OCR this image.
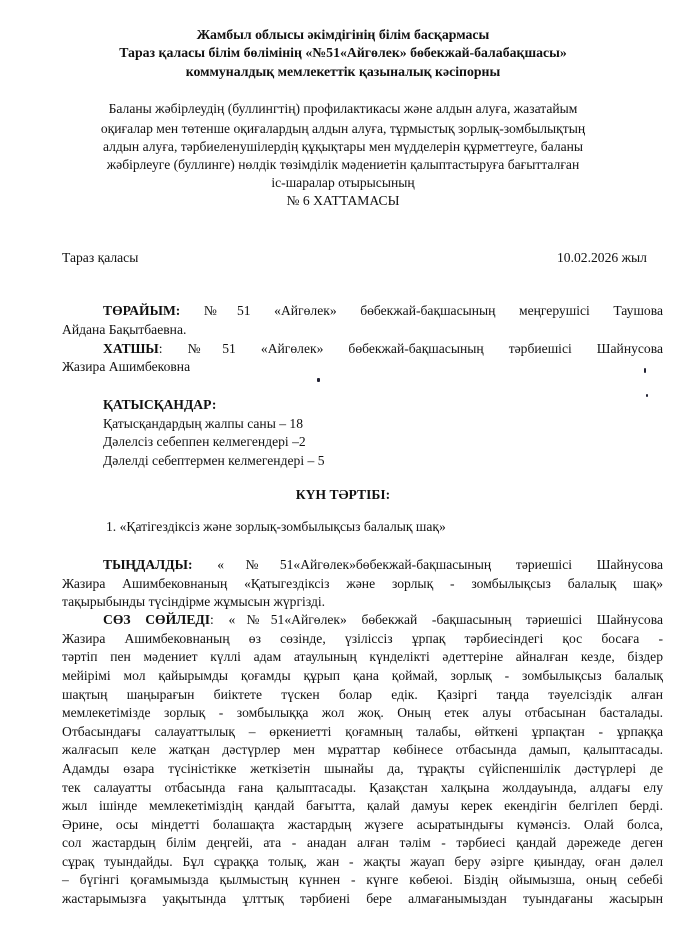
Жамбыл облысы әкімдігінің білім басқармасы
Тараз қаласы білім бөлімінің «№51«Айгөлек» бөбекжай-балабақшасы»
коммуналдық мемлекеттік қазыналық кәсіпорны
Баланы жәбірлеудің (буллингтің) профилактикасы және алдын алуға, жазатайым
оқиғалар мен төтенше оқиғалардың алдын алуға, тұрмыстық зорлық-зомбылықтың
алдын алуға, тәрбиеленушілердің құқықтары мен мүдделерін құрметтеуге, баланы
жәбірлеуге (буллинге) нөлдік төзімділік мәдениетін қалыптастыруға бағытталған
іс-шаралар отырысының
№ 6 ХАТТАМАСЫ
Тараз қаласы	10.02.2026 жыл
ТӨРАЙЫМ: №51 «Айгөлек» бөбекжай-бақшасының меңгерушісі Таушова
Айдана Бақытбаевна.
ХАТШЫ: №51 «Айгөлек» бөбекжай-бақшасының тәрбиешісі Шайнусова
Жазира Ашимбековна
ҚАТЫСҚАНДАР:
Қатысқандардың жалпы саны – 18
Дәлелсіз себеппен келмегендері –2
Дәлелді себептермен келмегендері – 5
КҮН ТӘРТІБІ:
1. «Қатігездіксіз және зорлық-зомбылықсыз балалық шақ»
ТЫҢДАЛДЫ: «№51«Айгөлек»бөбекжай-бақшасының тәриешісі Шайнусова
Жазира Ашимбековнаның «Қатыгездіксіз және зорлық - зомбылықсыз балалық шақ»
тақырыбынды түсіндірме жұмысын жүргізді.
СӨЗ СӨЙЛЕДІ: «№51«Айгөлек» бөбекжай -бақшасының тәриешісі Шайнусова
Жазира Ашимбековнаның өз сөзінде, үзіліссіз ұрпақ тәрбиесіндегі қос босаға -
тәртіп пен мәдениет күллі адам атаулының күнделікті әдеттеріне айналған кезде, біздер
мейірімі мол қайырымды қоғамды құрып қана қоймай, зорлық - зомбылықсыз балалық
шақтың шаңырағын биіктете түскен болар едік. Қазіргі таңда тәуелсіздік алған
мемлекетімізде зорлық - зомбылыққа жол жоқ. Оның етек алуы отбасынан басталады.
Отбасындағы салауаттылық – өркениетті қоғамның талабы, өйткені ұрпақтан - ұрпаққа
жалғасып келе жатқан дәстүрлер мен мұраттар көбінесе отбасында дамып, қалыптасады.
Адамды өзара түсіністікке жеткізетін шынайы да, тұрақты сүйіспеншілік дәстүрлері де
тек салауатты отбасында ғана қалыптасады. Қазақстан халқына жолдауында, алдағы елу
жыл ішінде мемлекетіміздің қандай бағытта, қалай дамуы керек екендігін белгілеп берді.
Әрине, осы міндетті болашақта жастардың жүзеге асыратындығы күмәнсіз. Олай болса,
сол жастардың білім деңгейі, ата - анадан алған тәлім - тәрбиесі қандай дәрежеде деген
сұрақ туындайды. Бұл сұраққа толық, жан - жақты жауап беру әзірге қиындау, оған дәлел
– бүгінгі қоғамымызда қылмыстың күннен - күнге көбеюі. Біздің ойымызша, оның себебі
жастарымызға уақытында ұлттық тәрбиені бере алмағанымыздан туындағаны жасырын
